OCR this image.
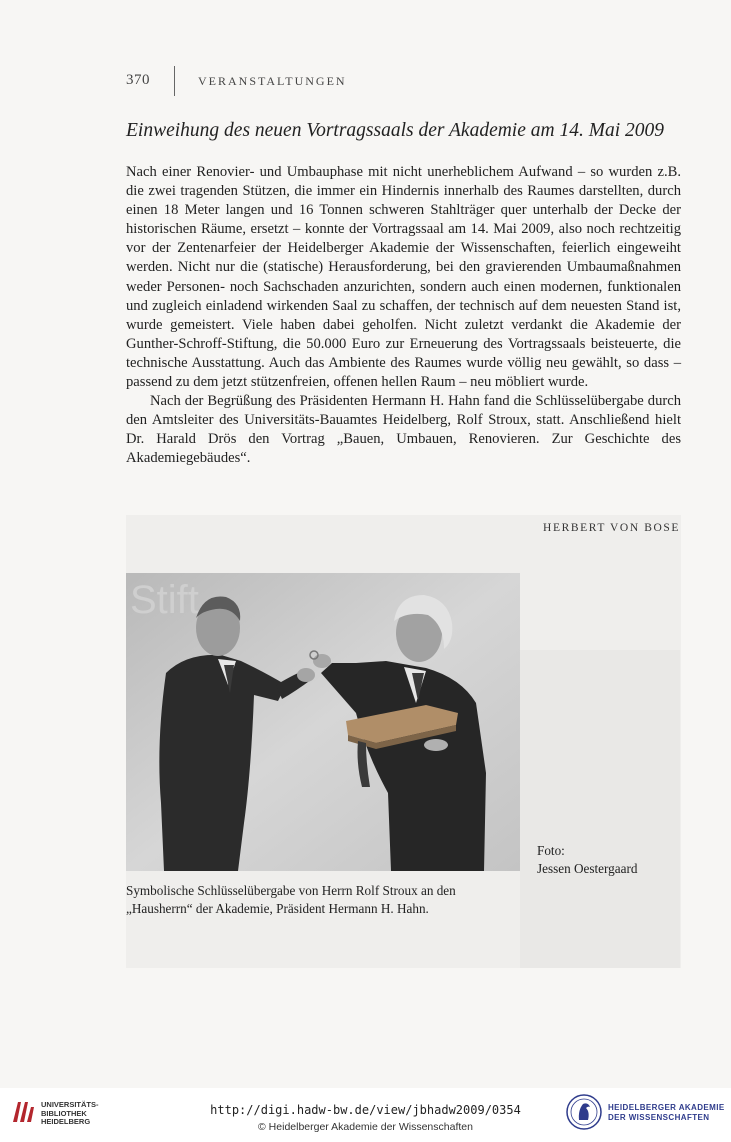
370	VERANSTALTUNGEN
Einweihung des neuen Vortragssaals der Akademie am 14. Mai 2009

Nach einer Renovier- und Umbauphase mit nicht unerheblichem Aufwand – so wurden z.B. die zwei tragenden Stützen, die immer ein Hindernis innerhalb des Raumes darstellten, durch einen 18 Meter langen und 16 Tonnen schweren Stahlträger quer unterhalb der Decke der historischen Räume, ersetzt – konnte der Vortragssaal am 14. Mai 2009, also noch rechtzeitig vor der Zentenarfeier der Heidelberger Akademie der Wissenschaften, feierlich eingeweiht werden. Nicht nur die (statische) Herausforderung, bei den gravierenden Umbaumaßnahmen weder Personen- noch Sachschaden anzurichten, sondern auch einen modernen, funktionalen und zugleich einladend wirkenden Saal zu schaffen, der technisch auf dem neuesten Stand ist, wurde gemeistert. Viele haben dabei geholfen. Nicht zuletzt verdankt die Akademie der Gunther-Schroff-Stiftung, die 50.000 Euro zur Erneuerung des Vortragssaals beisteuerte, die technische Ausstattung. Auch das Ambiente des Raumes wurde völlig neu gewählt, so dass – passend zu dem jetzt stützenfreien, offenen hellen Raum – neu möbliert wurde.

Nach der Begrüßung des Präsidenten Hermann H. Hahn fand die Schlüsselübergabe durch den Amtsleiter des Universitäts-Bauamtes Heidelberg, Rolf Stroux, statt. Anschließend hielt Dr. Harald Drös den Vortrag „Bauen, Umbauen, Renovieren. Zur Geschichte des Akademiegebäudes“.

HERBERT VON BOSE
Stift
Symbolische Schlüsselübergabe von Herrn Rolf Stroux an den
„Hausherrn“ der Akademie, Präsident Hermann H. Hahn.
Foto:
Jessen Oestergaard
UNIVERSITÄTS-
BIBLIOTHEK
HEIDELBERG
http://digi.hadw-bw.de/view/jbhadw2009/0354
© Heidelberger Akademie der Wissenschaften
HEIDELBERGER AKADEMIE
DER WISSENSCHAFTEN
